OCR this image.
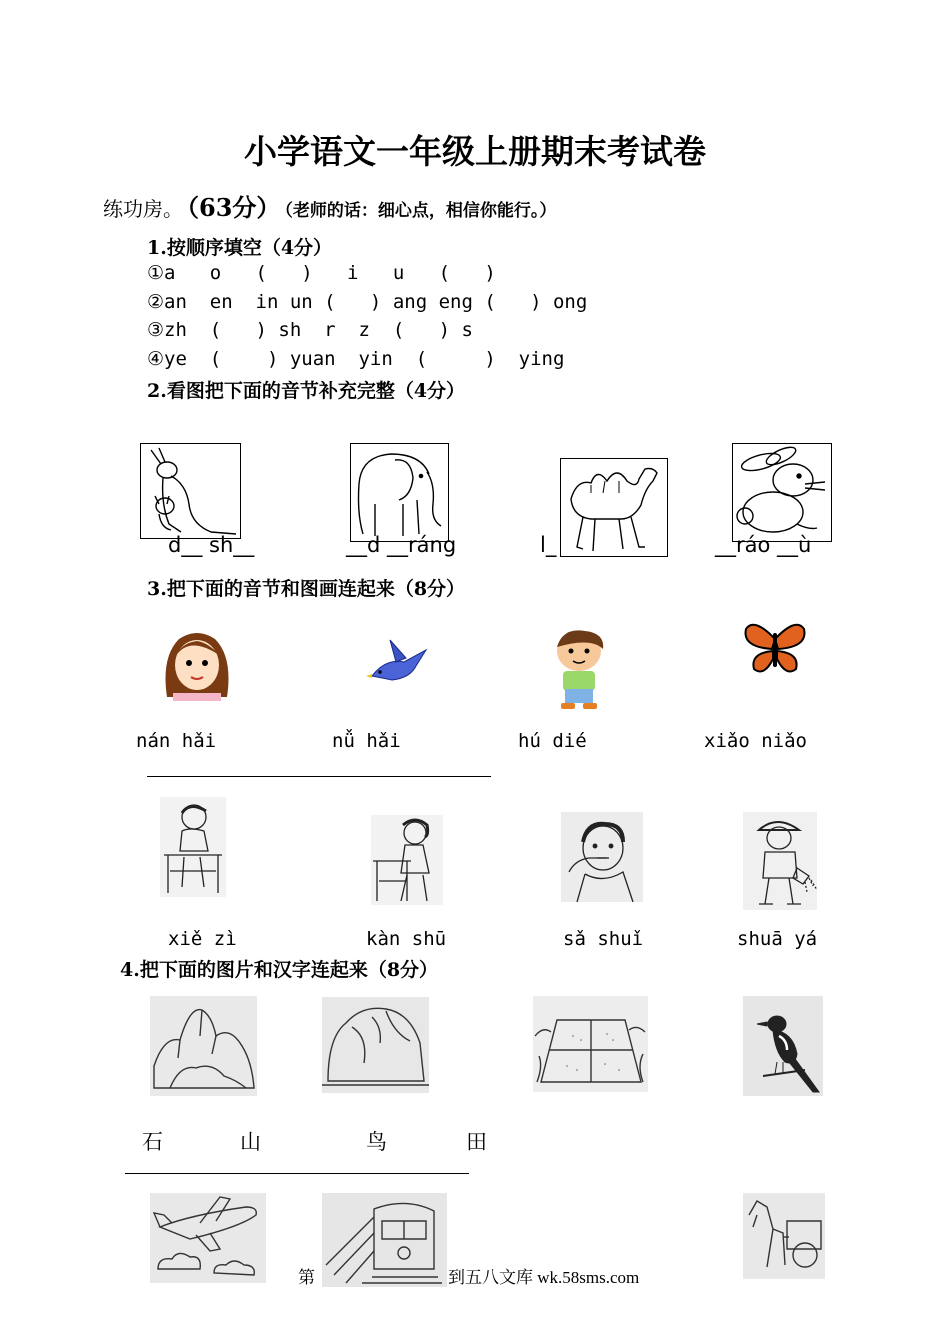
小学语文一年级上册期末考试卷
练功房。 （63分） （老师的话：细心点，相信你能行。）
1.按顺序填空（4分）
①a   o   (   )   i   u   (   )
②an  en  in un (   ) ang eng (   ) ong
③zh  (   ) sh  r  z  (   ) s
④ye  (    ) yuan  yin  (     )  ying
2.看图把下面的音节补充完整（4分）
d__ sh__	__d __ráng	l_	__ráo __ù
3.把下面的音节和图画连起来（8分）
nán hǎi	nǚ hǎi	hú dié	xiǎo niǎo
xiě zì	kàn shū	sǎ shuǐ	shuā yá
4.把下面的图片和汉字连起来（8分）
石	山	鸟	田
第	到五八文库 wk.58sms.com
